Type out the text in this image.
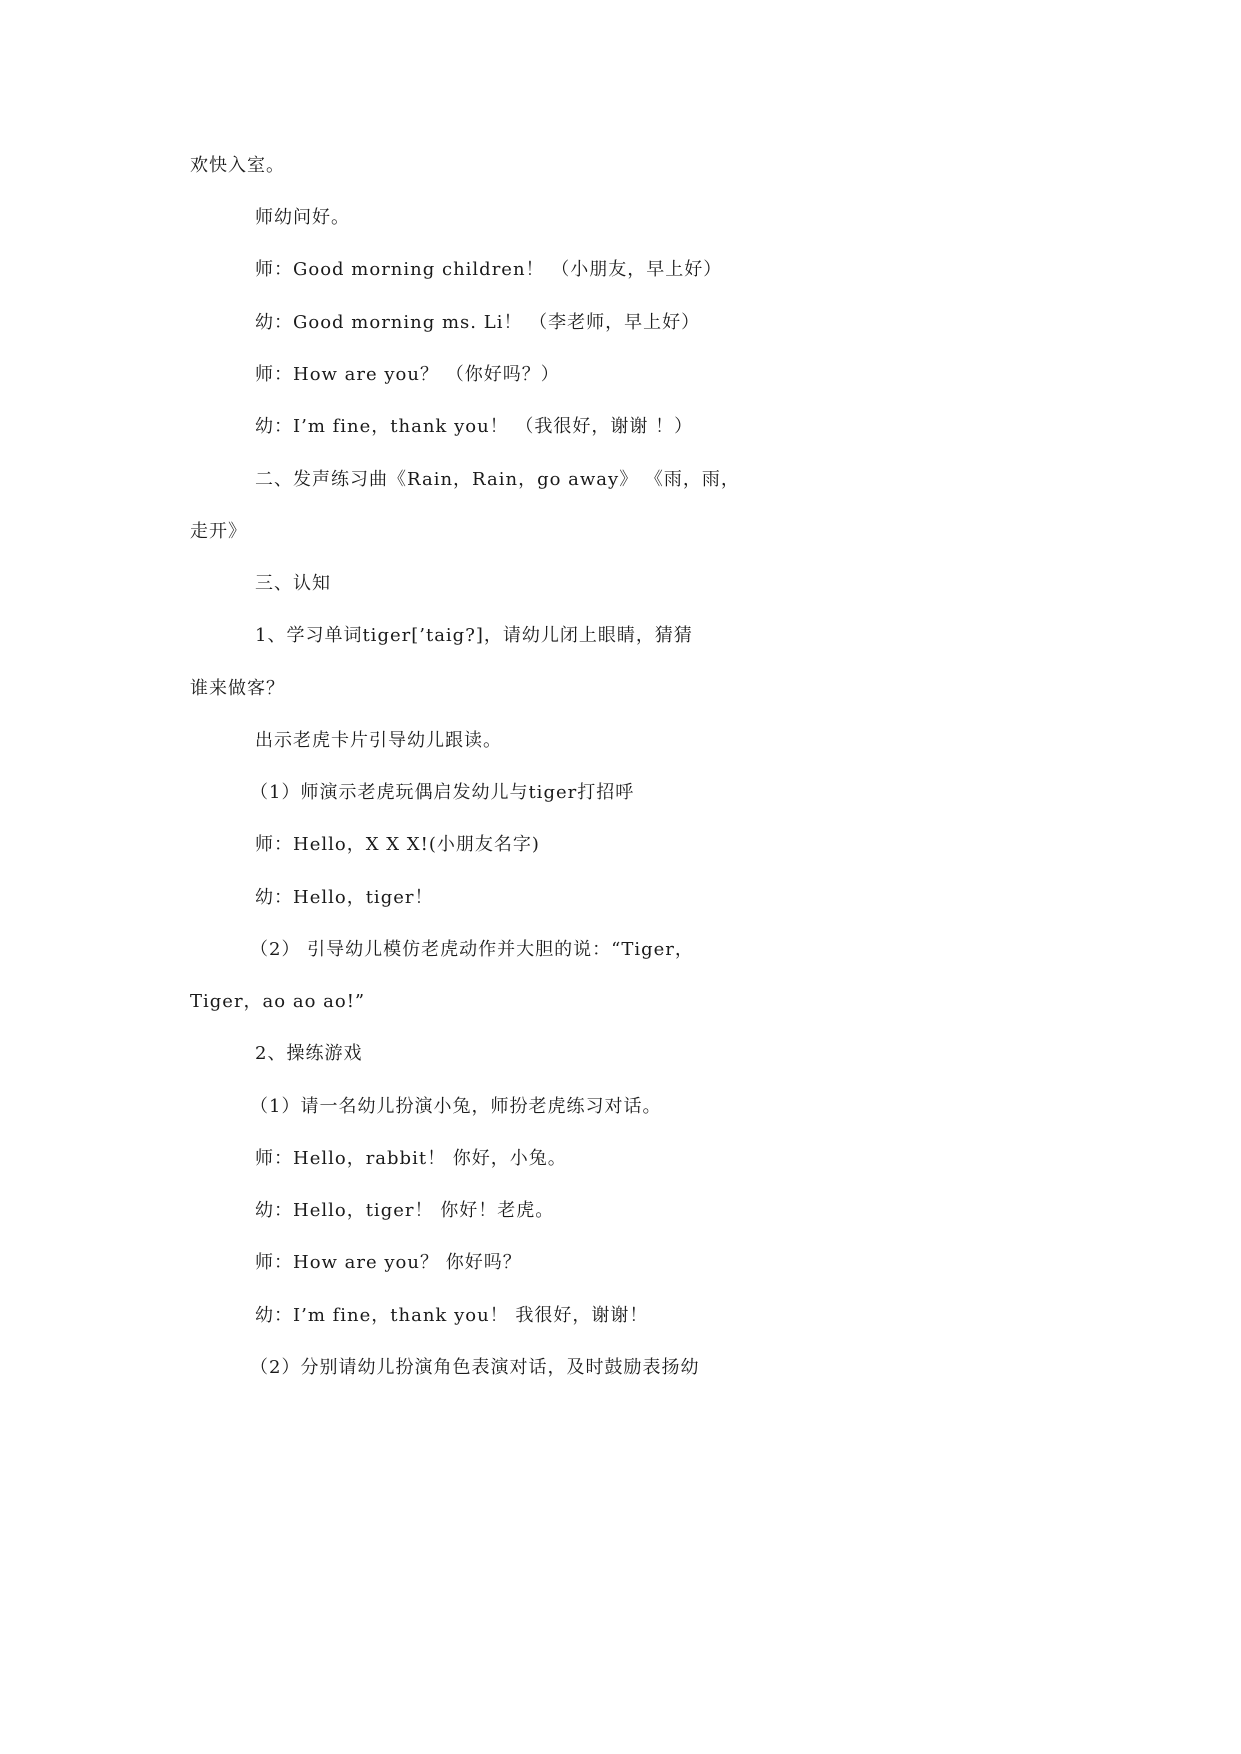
欢快入室。
师幼问好。
师：Good morning children！ （小朋友，早上好）
幼：Good morning ms. Li！ （李老师，早上好）
师：How are you？ （你好吗？）
幼：I’m fine，thank you！ （我很好，谢谢 ！）
二、发声练习曲《Rain，Rain，go away》 《雨，雨，
走开》
三、认知
1、学习单词tiger[’taig?]，请幼儿闭上眼睛，猜猜
谁来做客？
出示老虎卡片引导幼儿跟读。
（1）师演示老虎玩偶启发幼儿与tiger打招呼
师：Hello，X X X!(小朋友名字)
幼：Hello，tiger！
（2） 引导幼儿模仿老虎动作并大胆的说：“Tiger，
Tiger，ao ao ao!”
2、操练游戏
（1）请一名幼儿扮演小兔，师扮老虎练习对话。
师：Hello，rabbit！ 你好，小兔。
幼：Hello，tiger！ 你好！老虎。
师：How are you？ 你好吗？
幼：I’m fine，thank you！ 我很好，谢谢！
（2）分别请幼儿扮演角色表演对话，及时鼓励表扬幼
